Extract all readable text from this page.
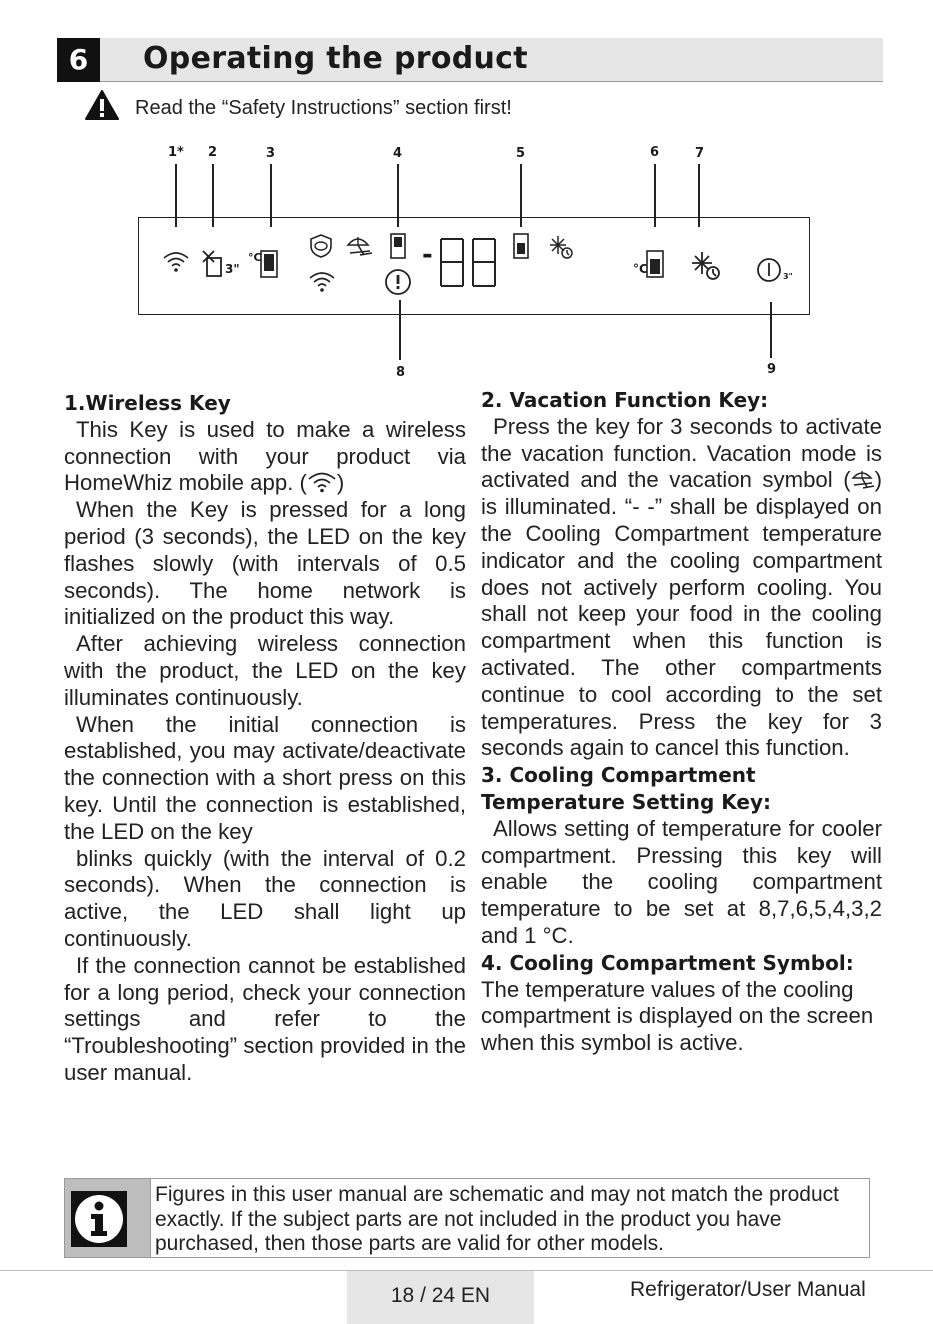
6	Operating the product
Read the “Safety Instructions” section first!
1* 2	3	4	5	6	7
8	9
3"
°C	-	°C
3"
1.Wireless Key

This Key is used to make a wireless connection with your product via HomeWhiz mobile app. ( )

When the Key is pressed for a long period (3 seconds), the LED on the key flashes slowly (with intervals of 0.5 seconds). The home network is initialized on the product this way.

After achieving wireless connection with the product, the LED on the key illuminates continuously.

When the initial connection is established, you may activate/deactivate the connection with a short press on this key. Until the connection is established, the LED on the key

blinks quickly (with the interval of 0.2 seconds). When the connection is active, the LED shall light up continuously.

If the connection cannot be established for a long period, check your connection settings and refer to the “Troubleshooting” section provided in the user manual.

2. Vacation Function Key:

Press the key for 3 seconds to activate the vacation function. Vacation mode is activated and the vacation symbol ( ) is illuminated. “- -” shall be displayed on the Cooling Compartment temperature indicator and the cooling compartment does not actively perform cooling. You shall not keep your food in the cooling compartment when this function is activated. The other compartments continue to cool according to the set temperatures. Press the key for 3 seconds again to cancel this function.

3. Cooling Compartment Temperature Setting Key:

Allows setting of temperature for cooler compartment. Pressing this key will enable the cooling compartment temperature to be set at 8,7,6,5,4,3,2 and 1 °C.

4. Cooling Compartment Symbol:

The temperature values of the cooling compartment is displayed on the screen when this symbol is active.

Figures in this user manual are schematic and may not match the product exactly. If the subject parts are not included in the product you have purchased, then those parts are valid for other models.
18 / 24 EN	Refrigerator/User Manual
